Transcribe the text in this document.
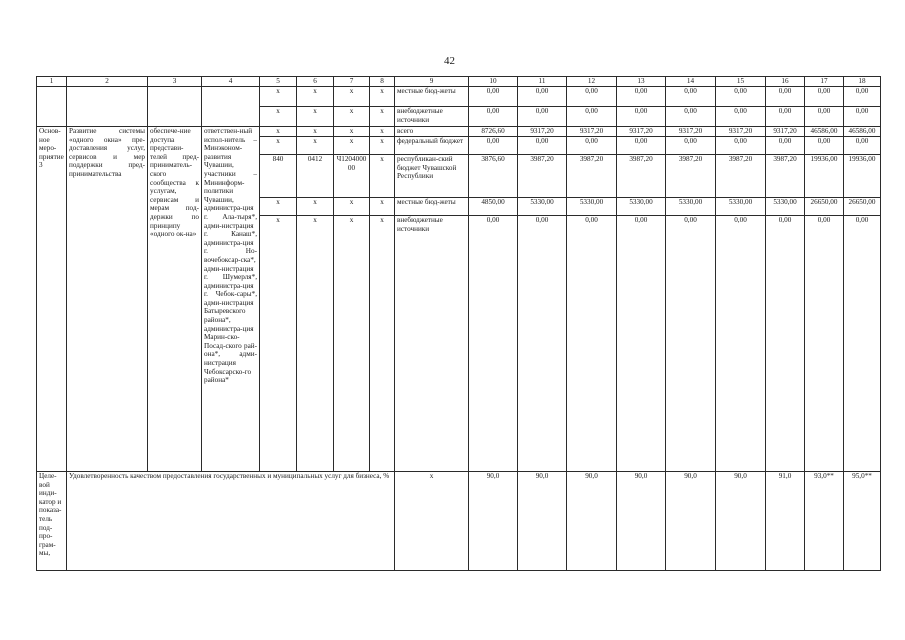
42
1	2	3	4	5	6	7	8	9	10	11	12	13	14	15	16	17	18
				x	x	x	x	местные бюд-жеты	0,00	0,00	0,00	0,00	0,00	0,00	0,00	0,00	0,00
				x	x	x	x	внебюджетные источники	0,00	0,00	0,00	0,00	0,00	0,00	0,00	0,00	0,00
Основ-ное меро-приятие 3	Развитие системы «одного окна» пре-доставления услуг, сервисов и мер поддержки пред-принимательства	обеспече-ние доступа представи-телей пред-приниматель-ского сообщества к услугам, сервисам и мерам под-держки по принципу «одного ок-на»	ответствен-ный испол-нитель – Минэконом-развития Чувашии, участники – Мининформ-политики Чувашии, администра-ция г. Ала-тыря*, адми-нистрация г. Канаш*, администра-ция г. Но-вочебоксар-ска*, адми-нистрация г. Шумерля*, администра-ция г. Чебок-сары*, адми-нистрация Батыревского района*, администра-ция Марин-ско-Посад-ского рай-она*, адми-нистрация Чебоксарско-го района*	x	x	x	x	всего	8726,60	9317,20	9317,20	9317,20	9317,20	9317,20	9317,20	46586,00	46586,00
				x	x	x	x	федеральный бюджет	0,00	0,00	0,00	0,00	0,00	0,00	0,00	0,00	0,00
				840	0412	Ч120400000	x	республикан-ский бюджет Чувашской Республики	3876,60	3987,20	3987,20	3987,20	3987,20	3987,20	3987,20	19936,00	19936,00
				x	x	x	x	местные бюд-жеты	4850,00	5330,00	5330,00	5330,00	5330,00	5330,00	5330,00	26650,00	26650,00
				x	x	x	x	внебюджетные источники	0,00	0,00	0,00	0,00	0,00	0,00	0,00	0,00	0,00
Целе-вой инди-катор и показа-тель под-про-грам-мы,	Удовлетворенность качеством предоставления государственных и муниципальных услуг для бизнеса, %							x	90,0	90,0	90,0	90,0	90,0	90,0	91,0	93,0**	95,0**
